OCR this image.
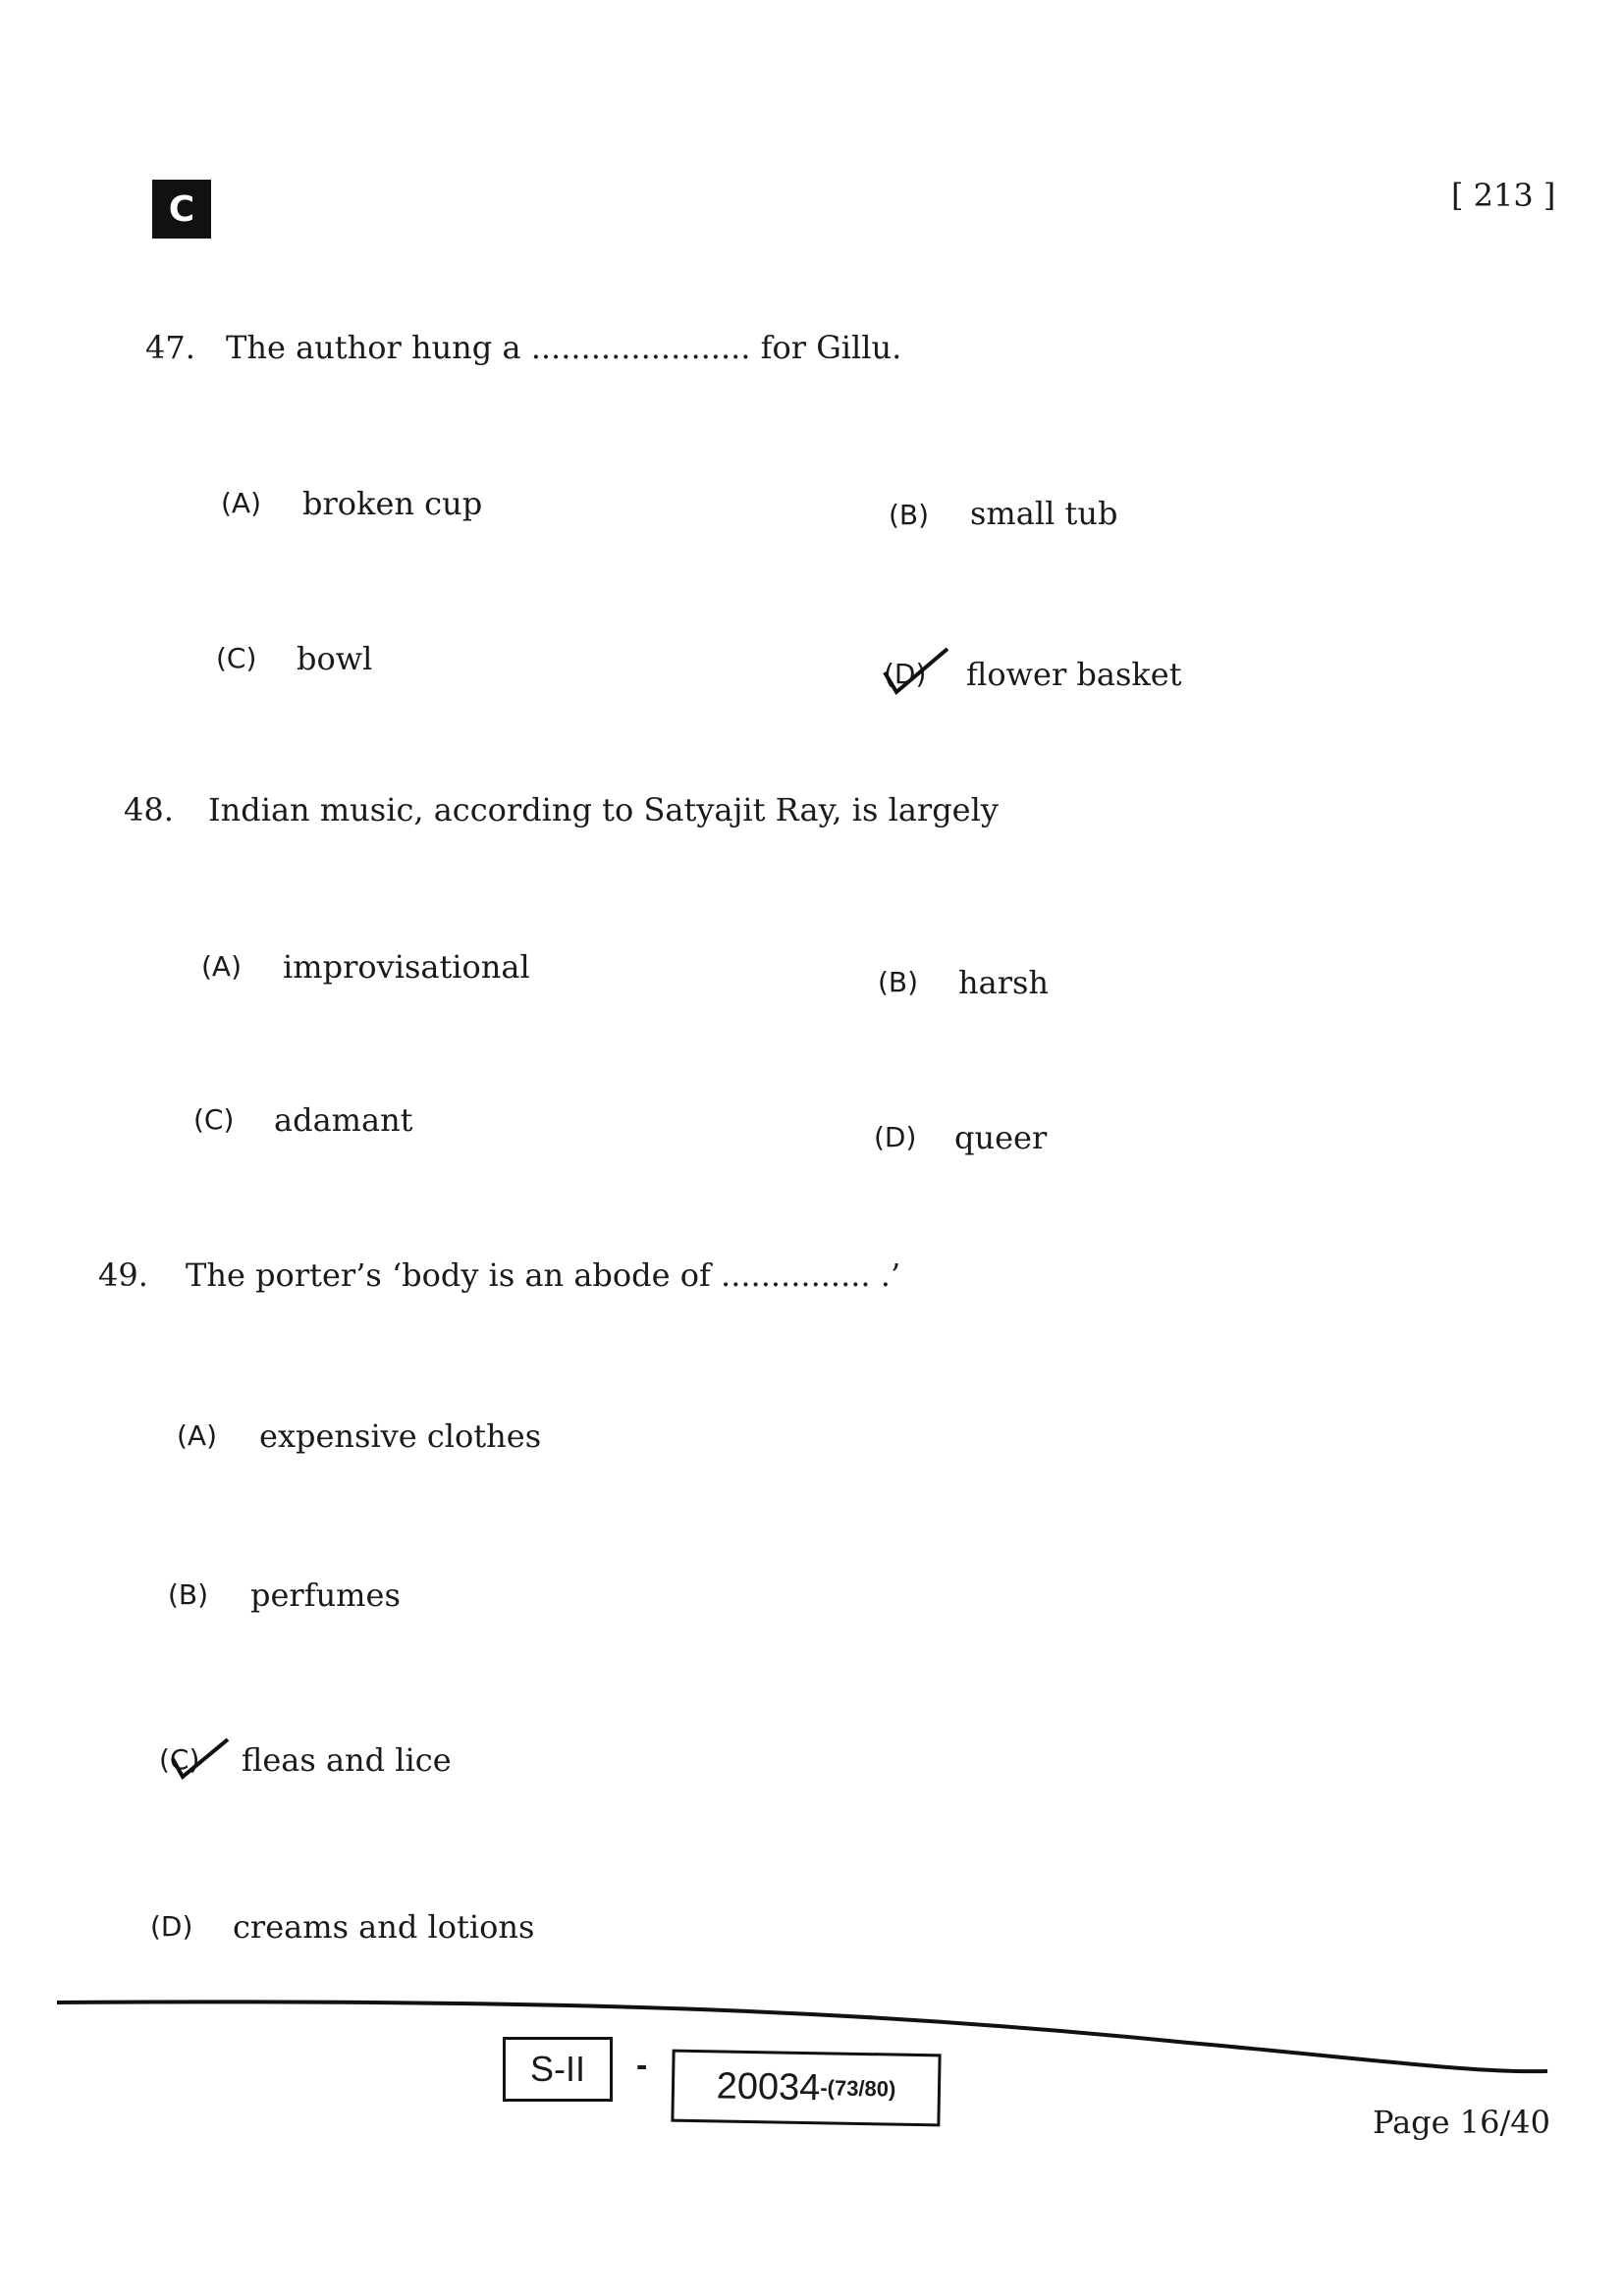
C	[ 213 ]
47. The author hung a ...................... for Gillu.
(A) broken cup	(B) small tub
(C) bowl	(D) flower basket
48. Indian music, according to Satyajit Ray, is largely
(A) improvisational	(B) harsh
(C) adamant	(D) queer
49. The porter’s ‘body is an abode of ............... .’
(A) expensive clothes
(B) perfumes
(C) fleas and lice
(D) creams and lotions
S-II	- 20034 -(73/80)
Page 16/40
